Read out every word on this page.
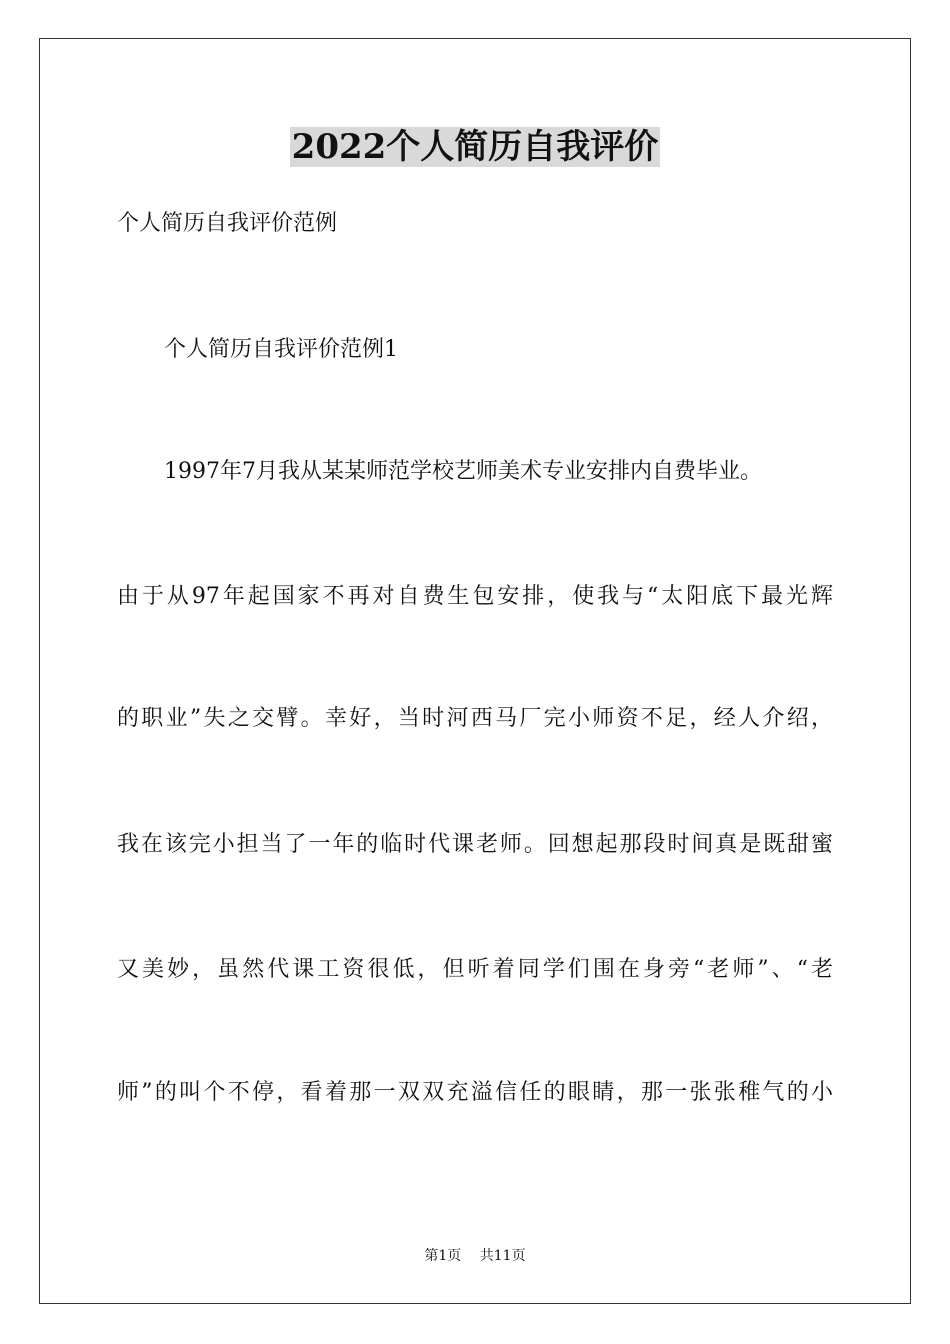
2022个人简历自我评价

个人简历自我评价范例

个人简历自我评价范例1

1997年7月我从某某师范学校艺师美术专业安排内自费毕业。

由于从97年起国家不再对自费生包安排，使我与“太阳底下最光辉

的职业”失之交臂。幸好，当时河西马厂完小师资不足，经人介绍，

我在该完小担当了一年的临时代课老师。回想起那段时间真是既甜蜜

又美妙，虽然代课工资很低，但听着同学们围在身旁“老师”、“老

师”的叫个不停，看着那一双双充溢信任的眼睛，那一张张稚气的小

第1页 共11页
